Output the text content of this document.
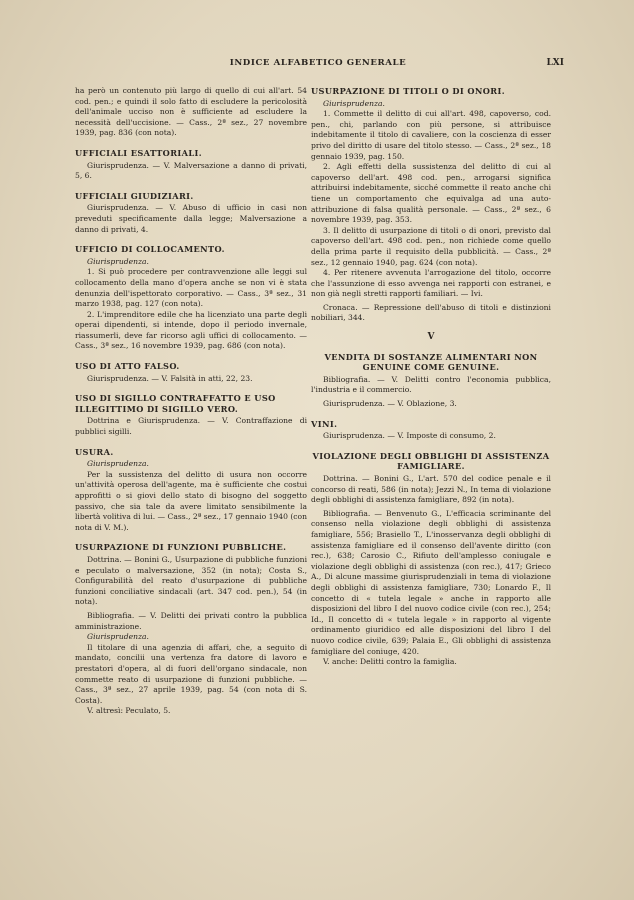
INDICE ALFABETICO GENERALE	LXI

ha però un contenuto più largo di quello di cui all'art. 54 cod. pen.; e quindi il solo fatto di escludere la pericolosità dell'animale ucciso non è sufficiente ad escludere la necessità dell'uccisione. — Cass., 2ª sez., 27 novembre 1939, pag. 836 (con nota).

UFFICIALI ESATTORIALI.

Giurisprudenza. — V. Malversazione a danno di privati, 5, 6.

UFFICIALI GIUDIZIARI.

Giurisprudenza. — V. Abuso di ufficio in casi non preveduti specificamente dalla legge; Malversazione a danno di privati, 4.

UFFICIO DI COLLOCAMENTO.

Giurisprudenza.

1. Si può procedere per contravvenzione alle leggi sul collocamento della mano d'opera anche se non vi è stata denunzia dell'ispettorato corporativo. — Cass., 3ª sez., 31 marzo 1938, pag. 127 (con nota).

2. L'imprenditore edile che ha licenziato una parte degli operai dipendenti, si intende, dopo il periodo invernale, riassumerli, deve far ricorso agli uffici di collocamento. — Cass., 3ª sez., 16 novembre 1939, pag. 686 (con nota).

USO DI ATTO FALSO.

Giurisprudenza. — V. Falsità in atti, 22, 23.

USO DI SIGILLO CONTRAFFATTO E USO ILLEGITTIMO DI SIGILLO VERO.

Dottrina e Giurisprudenza. — V. Contraffazione di pubblici sigilli.

USURA.

Giurisprudenza.

Per la sussistenza del delitto di usura non occorre un'attività operosa dell'agente, ma è sufficiente che costui approfitti o si giovi dello stato di bisogno del soggetto passivo, che sia tale da avere limitato sensibilmente la libertà volitiva di lui. — Cass., 2ª sez., 17 gennaio 1940 (con nota di V. M.).

USURPAZIONE DI FUNZIONI PUBBLICHE.

Dottrina. — Bonini G., Usurpazione di pubbliche funzioni e peculato o malversazione, 352 (in nota); Costa S., Configurabilità del reato d'usurpazione di pubbliche funzioni conciliative sindacali (art. 347 cod. pen.), 54 (in nota).

Bibliografia. — V. Delitti dei privati contro la pubblica amministrazione.

Giurisprudenza.

Il titolare di una agenzia di affari, che, a seguito di mandato, concilii una vertenza fra datore di lavoro e prestatori d'opera, al di fuori dell'organo sindacale, non commette reato di usurpazione di funzioni pubbliche. — Cass., 3ª sez., 27 aprile 1939, pag. 54 (con nota di S. Costa).

V. altresì: Peculato, 5.

USURPAZIONE DI TITOLI O DI ONORI.

Giurisprudenza.

1. Commette il delitto di cui all'art. 498, capoverso, cod. pen., chi, parlando con più persone, si attribuisce indebitamente il titolo di cavaliere, con la coscienza di esser privo del diritto di usare del titolo stesso. — Cass., 2ª sez., 18 gennaio 1939, pag. 150.

2. Agli effetti della sussistenza del delitto di cui al capoverso dell'art. 498 cod. pen., arrogarsi significa attribuirsi indebitamente, sicché commette il reato anche chi tiene un comportamento che equivalga ad una auto-attribuzione di falsa qualità personale. — Cass., 2ª sez., 6 novembre 1939, pag. 353.

3. Il delitto di usurpazione di titoli o di onori, previsto dal capoverso dell'art. 498 cod. pen., non richiede come quello della prima parte il requisito della pubblicità. — Cass., 2ª sez., 12 gennaio 1940, pag. 624 (con nota).

4. Per ritenere avvenuta l'arrogazione del titolo, occorre che l'assunzione di esso avvenga nei rapporti con estranei, e non già negli stretti rapporti familiari. — Ivi.

Cronaca. — Repressione dell'abuso di titoli e distinzioni nobiliari, 344.

V
VENDITA DI SOSTANZE ALIMENTARI NON GENUINE COME GENUINE.

Bibliografia. — V. Delitti contro l'economia pubblica, l'industria e il commercio.

Giurisprudenza. — V. Oblazione, 3.

VINI.

Giurisprudenza. — V. Imposte di consumo, 2.

VIOLAZIONE DEGLI OBBLIGHI DI ASSISTENZA FAMIGLIARE.

Dottrina. — Bonini G., L'art. 570 del codice penale e il concorso di reati, 586 (in nota); Jezzi N., In tema di violazione degli obblighi di assistenza famigliare, 892 (in nota).

Bibliografia. — Benvenuto G., L'efficacia scriminante del consenso nella violazione degli obblighi di assistenza famigliare, 556; Brasiello T., L'inosservanza degli obblighi di assistenza famigliare ed il consenso dell'avente diritto (con rec.), 638; Carosio C., Rifiuto dell'amplesso coniugale e violazione degli obblighi di assistenza (con rec.), 417; Grieco A., Di alcune massime giurisprudenziali in tema di violazione degli obblighi di assistenza famigliare, 730; Lonardo F., Il concetto di « tutela legale » anche in rapporto alle disposizioni del libro I del nuovo codice civile (con rec.), 254; Id., Il concetto di « tutela legale » in rapporto al vigente ordinamento giuridico ed alle disposizioni del libro I del nuovo codice civile, 639; Palaia E., Gli obblighi di assistenza famigliare del coniuge, 420.

V. anche: Delitti contro la famiglia.
